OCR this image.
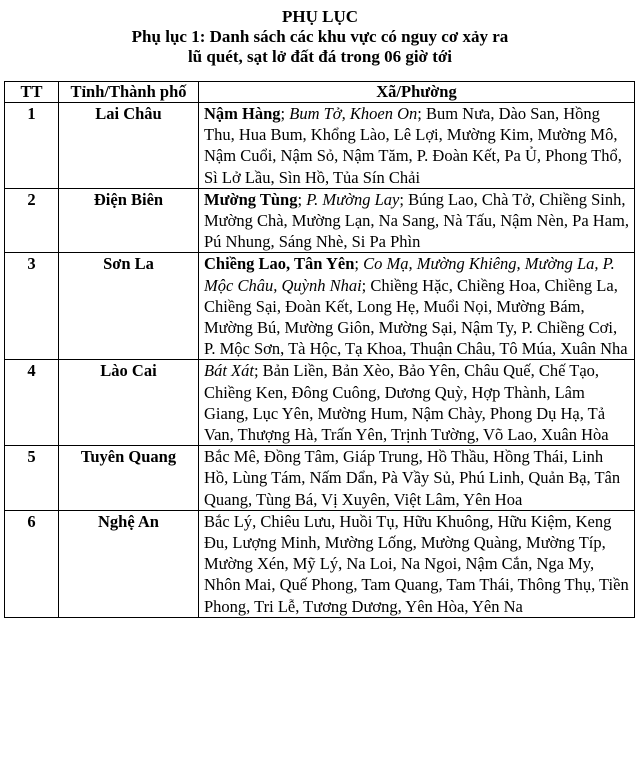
PHỤ LỤC
Phụ lục 1: Danh sách các khu vực có nguy cơ xảy ra
lũ quét, sạt lở đất đá trong 06 giờ tới
TT	Tỉnh/Thành phố	Xã/Phường
1	Lai Châu	Nậm Hàng; Bum Tở, Khoen On; Bum Nưa, Dào San, Hồng Thu, Hua Bum, Khổng Lào, Lê Lợi, Mường Kim, Mường Mô, Nậm Cuổi, Nậm Sỏ, Nậm Tăm, P. Đoàn Kết, Pa Ủ, Phong Thổ, Sì Lở Lầu, Sìn Hồ, Tủa Sín Chải
2	Điện Biên	Mường Tùng; P. Mường Lay; Búng Lao, Chà Tở, Chiềng Sinh, Mường Chà, Mường Lạn, Na Sang, Nà Tấu, Nậm Nèn, Pa Ham, Pú Nhung, Sáng Nhè, Si Pa Phìn
3	Sơn La	Chiềng Lao, Tân Yên; Co Mạ, Mường Khiêng, Mường La, P. Mộc Châu, Quỳnh Nhai; Chiềng Hặc, Chiềng Hoa, Chiềng La, Chiềng Sại, Đoàn Kết, Long Hẹ, Muổi Nọi, Mường Bám, Mường Bú, Mường Giôn, Mường Sại, Nậm Ty, P. Chiềng Cơi, P. Mộc Sơn, Tà Hộc, Tạ Khoa, Thuận Châu, Tô Múa, Xuân Nha
4	Lào Cai	Bát Xát; Bản Liền, Bản Xèo, Bảo Yên, Châu Quế, Chế Tạo, Chiềng Ken, Đông Cuông, Dương Quỳ, Hợp Thành, Lâm Giang, Lục Yên, Mường Hum, Nậm Chày, Phong Dụ Hạ, Tả Van, Thượng Hà, Trấn Yên, Trịnh Tường, Võ Lao, Xuân Hòa
5	Tuyên Quang	Bắc Mê, Đồng Tâm, Giáp Trung, Hồ Thầu, Hồng Thái, Linh Hồ, Lùng Tám, Nấm Dẩn, Pà Vầy Sủ, Phú Linh, Quản Bạ, Tân Quang, Tùng Bá, Vị Xuyên, Việt Lâm, Yên Hoa
6	Nghệ An	Bắc Lý, Chiêu Lưu, Huồi Tụ, Hữu Khuông, Hữu Kiệm, Keng Đu, Lượng Minh, Mường Lống, Mường Quàng, Mường Típ, Mường Xén, Mỹ Lý, Na Loi, Na Ngoi, Nậm Cắn, Nga My, Nhôn Mai, Quế Phong, Tam Quang, Tam Thái, Thông Thụ, Tiền Phong, Tri Lễ, Tương Dương, Yên Hòa, Yên Na
